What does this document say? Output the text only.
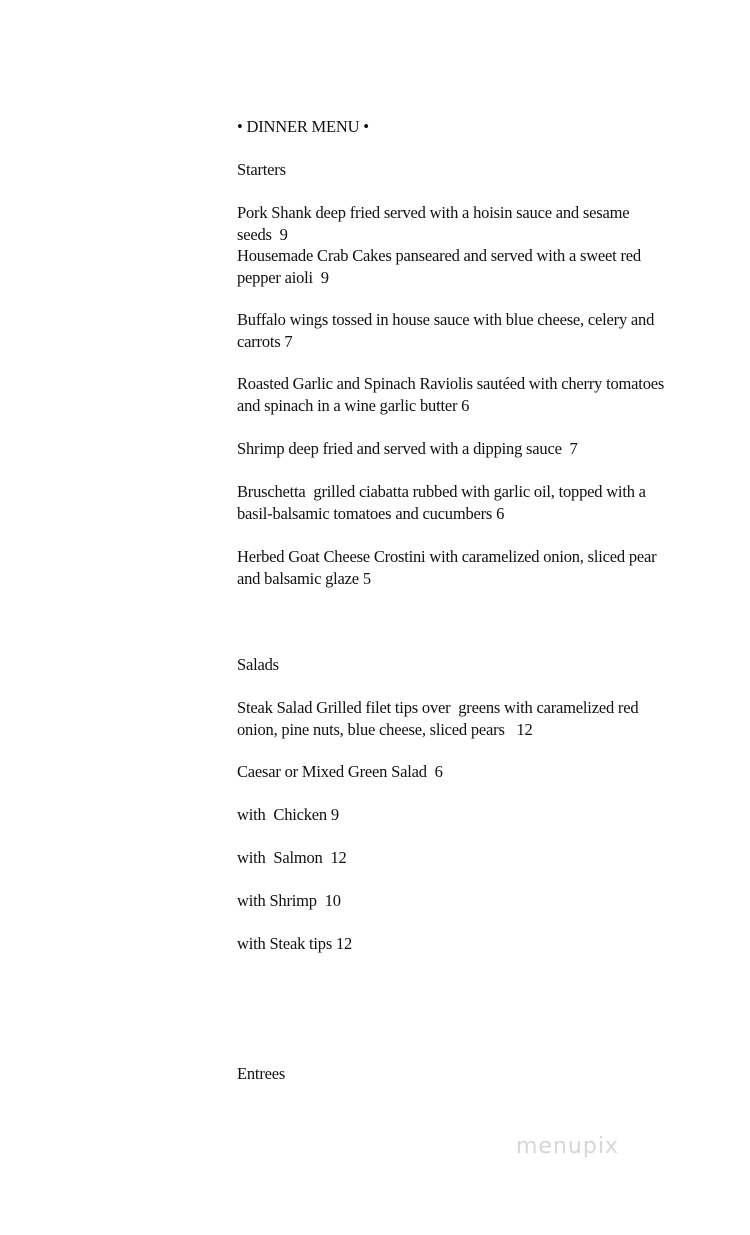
• DINNER MENU •
Starters
Pork Shank deep fried served with a hoisin sauce and sesame seeds  9
Housemade Crab Cakes panseared and served with a sweet red pepper aioli  9
Buffalo wings tossed in house sauce with blue cheese, celery and carrots 7
Roasted Garlic and Spinach Raviolis sautéed with cherry tomatoes and spinach in a wine garlic butter 6
Shrimp deep fried and served with a dipping sauce  7
Bruschetta  grilled ciabatta rubbed with garlic oil, topped with a basil-balsamic tomatoes and cucumbers 6
Herbed Goat Cheese Crostini with caramelized onion, sliced pear and balsamic glaze 5
Salads
Steak Salad Grilled filet tips over  greens with caramelized red onion, pine nuts, blue cheese, sliced pears   12
Caesar or Mixed Green Salad  6
with  Chicken 9
with  Salmon  12
with Shrimp  10
with Steak tips 12
Entrees
menupix
